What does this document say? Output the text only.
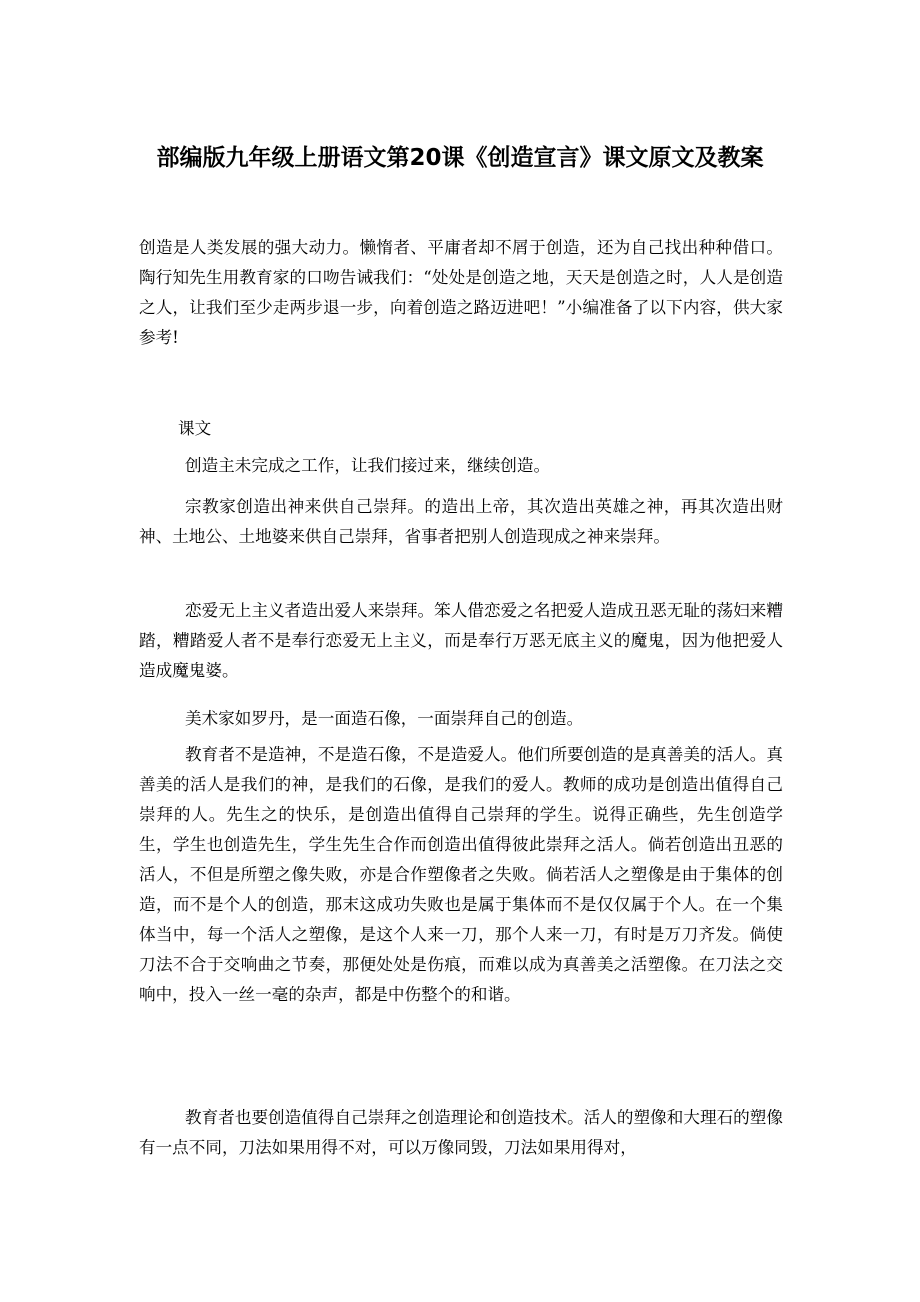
部编版九年级上册语文第20课《创造宣言》课文原文及教案

创造是人类发展的强大动力。懒惰者、平庸者却不屑于创造，还为自己找出种种借口。陶行知先生用教育家的口吻告诫我们：“处处是创造之地，天天是创造之时，人人是创造之人，让我们至少走两步退一步，向着创造之路迈进吧！”小编准备了以下内容，供大家参考!

课文

创造主未完成之工作，让我们接过来，继续创造。

宗教家创造出神来供自己崇拜。的造出上帝，其次造出英雄之神，再其次造出财神、土地公、土地婆来供自己崇拜，省事者把别人创造现成之神来崇拜。

恋爱无上主义者造出爱人来崇拜。笨人借恋爱之名把爱人造成丑恶无耻的荡妇来糟踏，糟踏爱人者不是奉行恋爱无上主义，而是奉行万恶无底主义的魔鬼，因为他把爱人造成魔鬼婆。

美术家如罗丹，是一面造石像，一面崇拜自己的创造。

教育者不是造神，不是造石像，不是造爱人。他们所要创造的是真善美的活人。真善美的活人是我们的神，是我们的石像，是我们的爱人。教师的成功是创造出值得自己崇拜的人。先生之的快乐，是创造出值得自己崇拜的学生。说得正确些，先生创造学生，学生也创造先生，学生先生合作而创造出值得彼此崇拜之活人。倘若创造出丑恶的活人，不但是所塑之像失败，亦是合作塑像者之失败。倘若活人之塑像是由于集体的创造，而不是个人的创造，那末这成功失败也是属于集体而不是仅仅属于个人。在一个集体当中，每一个活人之塑像，是这个人来一刀，那个人来一刀，有时是万刀齐发。倘使刀法不合于交响曲之节奏，那便处处是伤痕，而难以成为真善美之活塑像。在刀法之交响中，投入一丝一毫的杂声，都是中伤整个的和谐。

教育者也要创造值得自己崇拜之创造理论和创造技术。活人的塑像和大理石的塑像有一点不同，刀法如果用得不对，可以万像同毁，刀法如果用得对，
